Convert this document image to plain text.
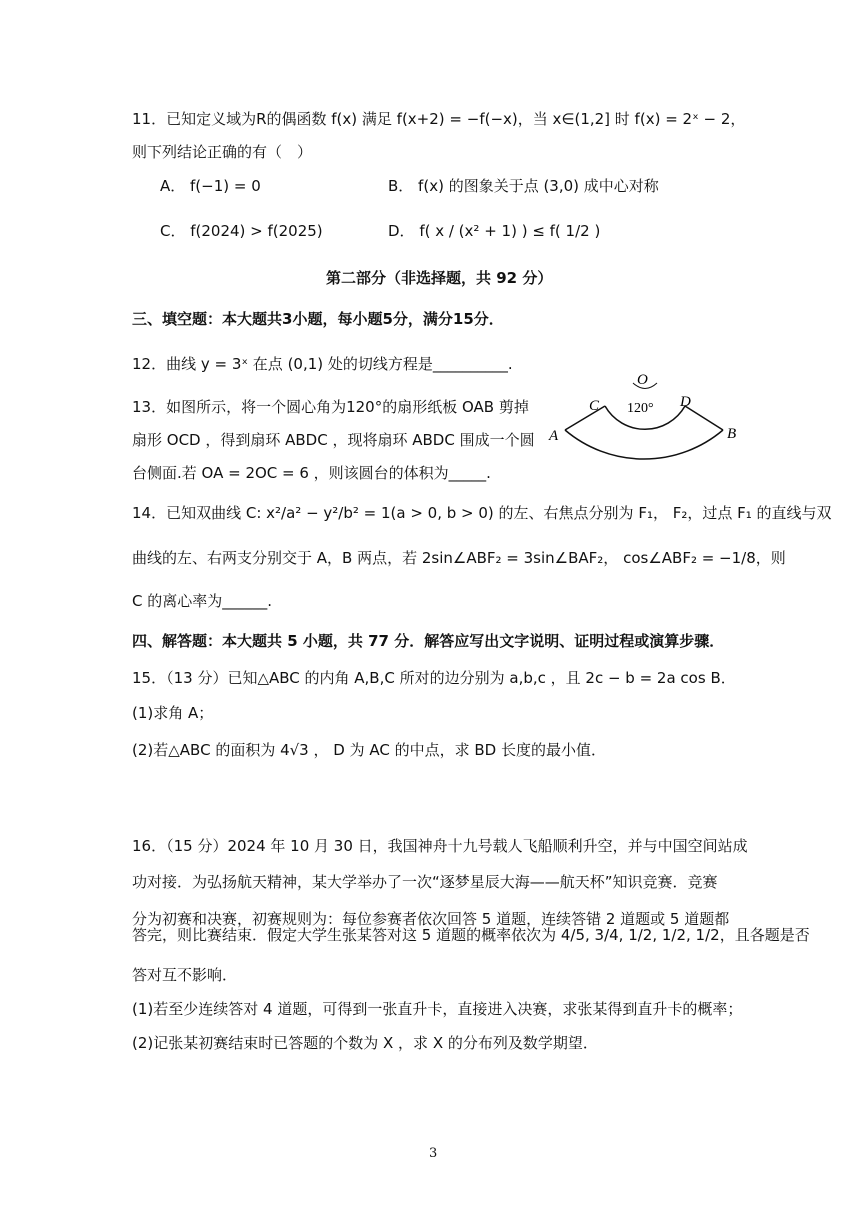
11．已知定义域为R的偶函数 f(x) 满足 f(x+2) = −f(−x)，当 x∈(1,2] 时 f(x) = 2ˣ − 2，
则下列结论正确的有（　）
A． f(−1) = 0	B． f(x) 的图象关于点 (3,0) 成中心对称
C． f(2024) > f(2025)	D． f( x / (x² + 1) ) ≤ f( 1/2 )
第二部分（非选择题，共 92 分）
三、填空题：本大题共3小题，每小题5分，满分15分．
12．曲线 y = 3ˣ 在点 (0,1) 处的切线方程是__________.
13．如图所示，将一个圆心角为120°的扇形纸板 OAB 剪掉
扇形 OCD ，得到扇环 ABDC ，现将扇环 ABDC 围成一个圆
台侧面.若 OA = 2OC = 6 ，则该圆台的体积为_____.
O
C	D
A	B
120°
14．已知双曲线 C: x²/a² − y²/b² = 1(a > 0, b > 0) 的左、右焦点分别为 F₁， F₂，过点 F₁ 的直线与双
曲线的左、右两支分别交于 A，B 两点，若 2sin∠ABF₂ = 3sin∠BAF₂， cos∠ABF₂ = −1/8，则
C 的离心率为______.
四、解答题：本大题共 5 小题，共 77 分．解答应写出文字说明、证明过程或演算步骤．
15．（13 分）已知△ABC 的内角 A,B,C 所对的边分别为 a,b,c ，且 2c − b = 2a cos B．
(1)求角 A；
(2)若△ABC 的面积为 4√3 ， D 为 AC 的中点，求 BD 长度的最小值．
16．（15 分）2024 年 10 月 30 日，我国神舟十九号载人飞船顺利升空，并与中国空间站成
功对接．为弘扬航天精神，某大学举办了一次“逐梦星辰大海——航天杯”知识竞赛．竞赛
分为初赛和决赛，初赛规则为：每位参赛者依次回答 5 道题，连续答错 2 道题或 5 道题都
答完，则比赛结束．假定大学生张某答对这 5 道题的概率依次为 4/5, 3/4, 1/2, 1/2, 1/2，且各题是否
答对互不影响．
(1)若至少连续答对 4 道题，可得到一张直升卡，直接进入决赛，求张某得到直升卡的概率；
(2)记张某初赛结束时已答题的个数为 X ，求 X 的分布列及数学期望．
3
